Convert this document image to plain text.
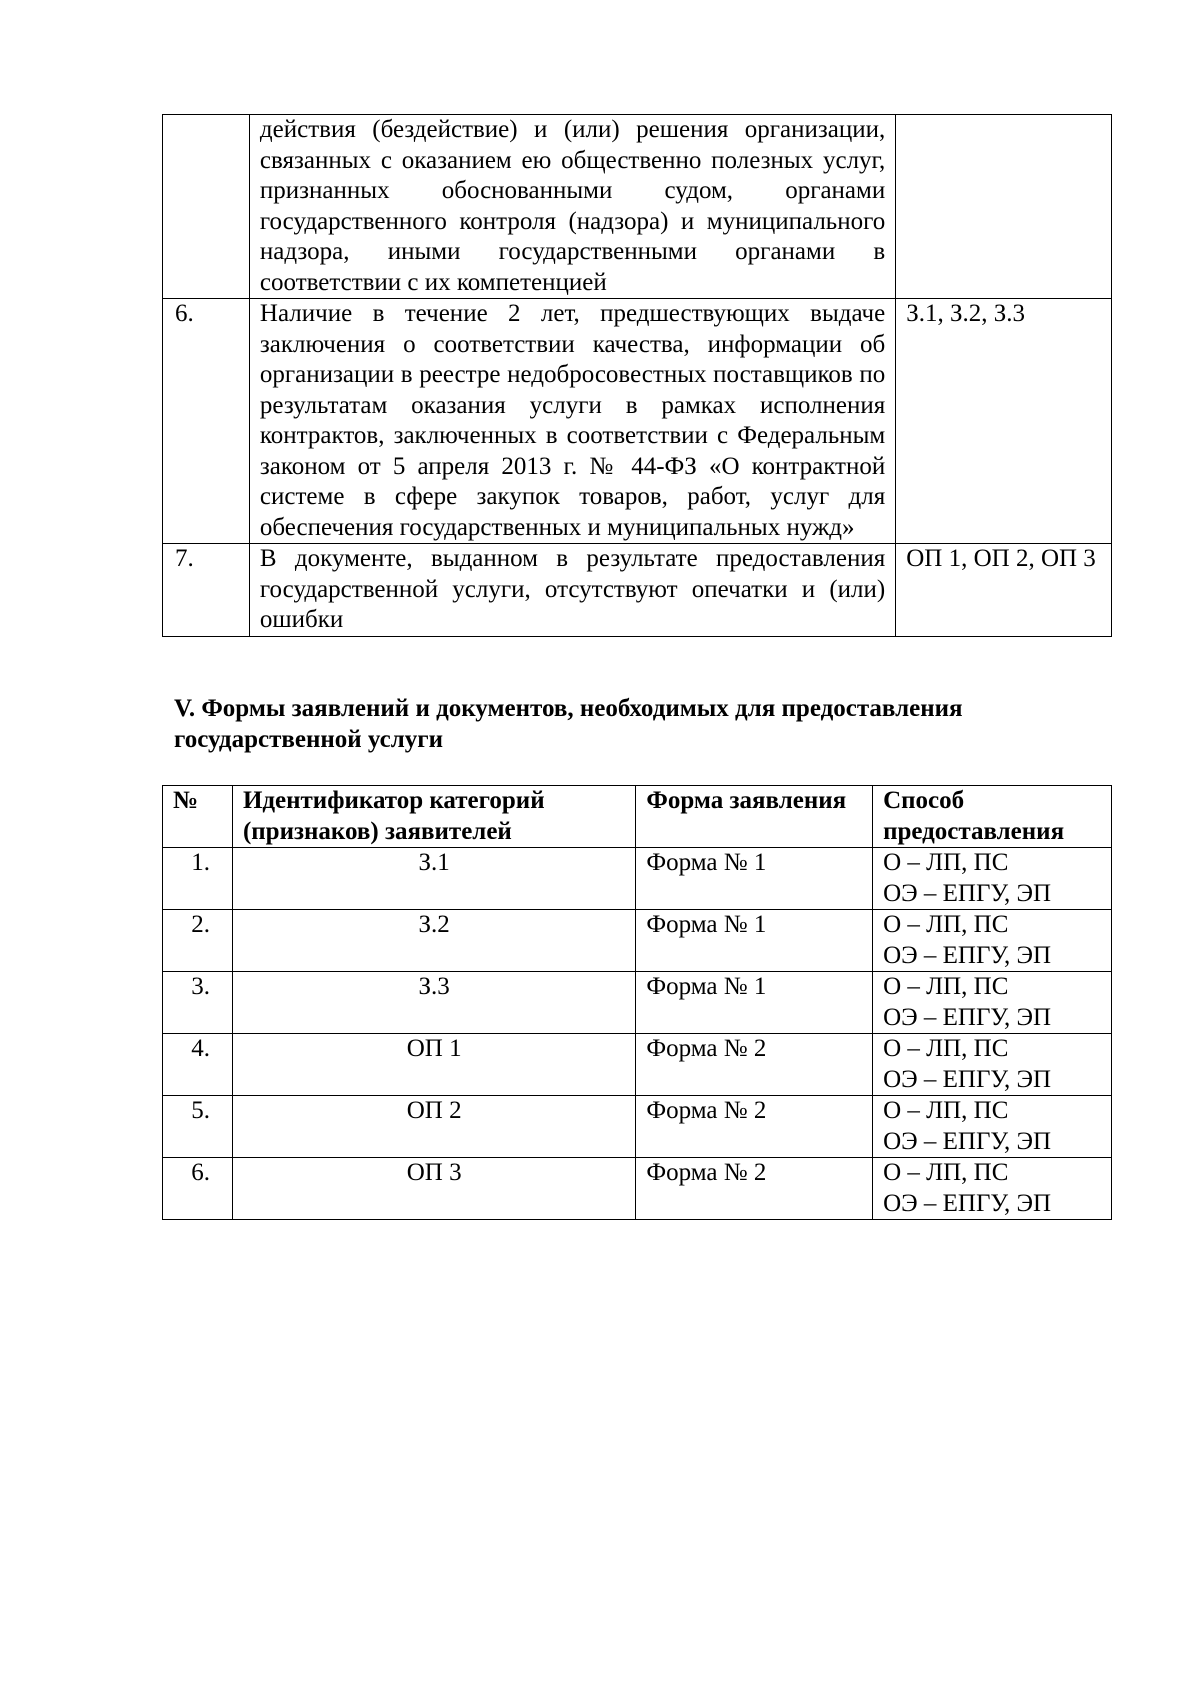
	действия (бездействие) и (или) решения организации, связанных с оказанием ею общественно полезных услуг, признанных обоснованными судом, органами государственного контроля (надзора) и муниципального надзора, иными государственными органами в соответствии с их компетенцией	
6.	Наличие в течение 2 лет, предшествующих выдаче заключения о соответствии качества, информации об организации в реестре недобросовестных поставщиков по результатам оказания услуги в рамках исполнения контрактов, заключенных в соответствии с Федеральным законом от 5 апреля 2013 г. № 44-ФЗ «О контрактной системе в сфере закупок товаров, работ, услуг для обеспечения государственных и муниципальных нужд»	З.1, З.2, З.3
7.	В документе, выданном в результате предоставления государственной услуги, отсутствуют опечатки и (или) ошибки	ОП 1, ОП 2, ОП 3
V. Формы заявлений и документов, необходимых для предоставления государственной услуги
№	Идентификатор категорий (признаков) заявителей	Форма заявления	Способ предоставления
1.	З.1	Форма № 1	О – ЛП, ПС
ОЭ – ЕПГУ, ЭП

2.	З.2	Форма № 1	О – ЛП, ПС
ОЭ – ЕПГУ, ЭП

3.	З.3	Форма № 1	О – ЛП, ПС
ОЭ – ЕПГУ, ЭП

4.	ОП 1	Форма № 2	О – ЛП, ПС
ОЭ – ЕПГУ, ЭП

5.	ОП 2	Форма № 2	О – ЛП, ПС
ОЭ – ЕПГУ, ЭП

6.	ОП 3	Форма № 2	О – ЛП, ПС
ОЭ – ЕПГУ, ЭП
